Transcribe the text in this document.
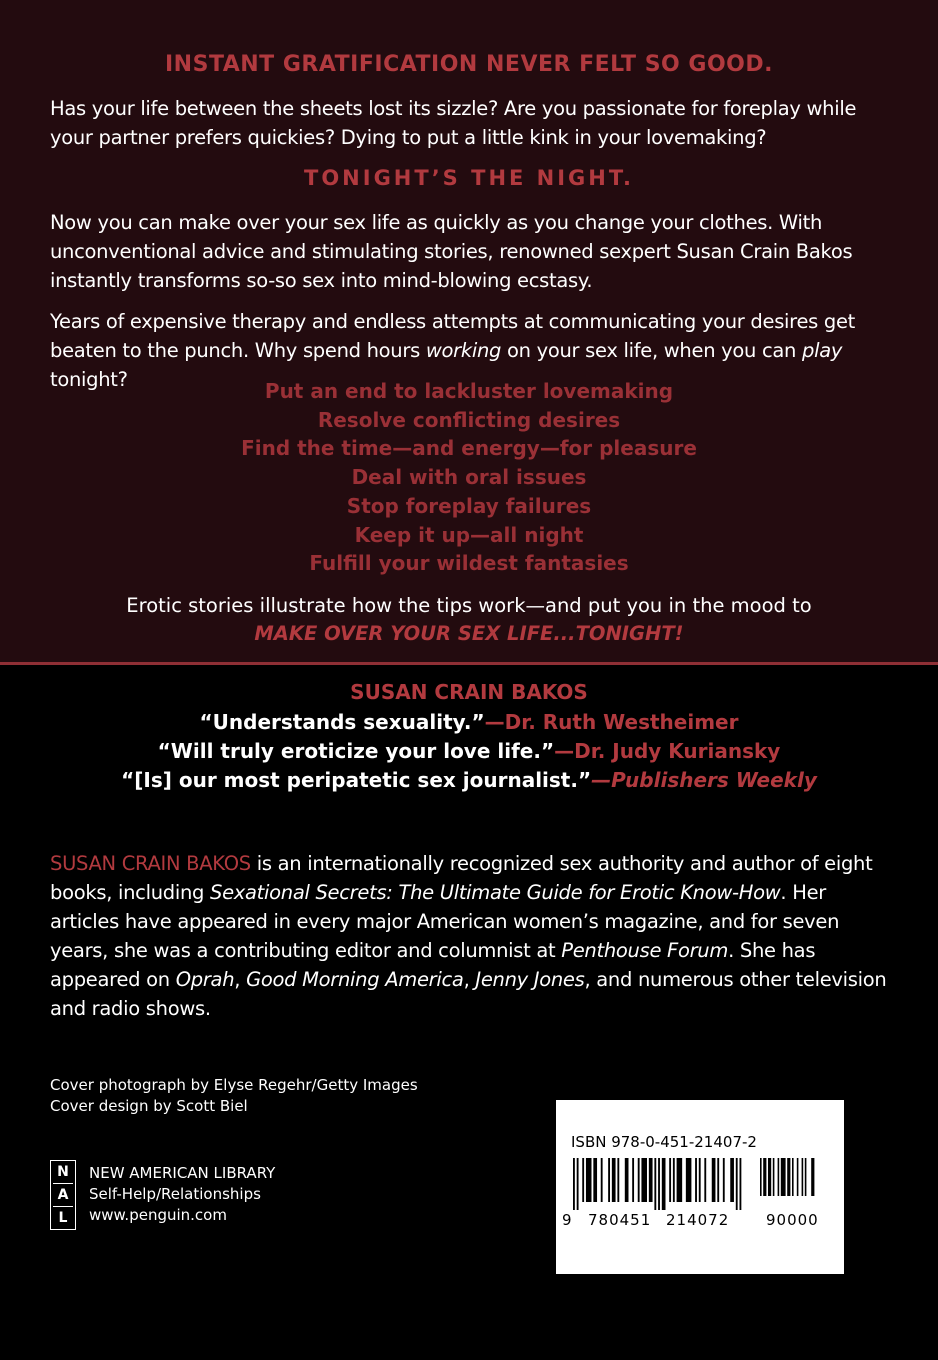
INSTANT GRATIFICATION NEVER FELT SO GOOD.
Has your life between the sheets lost its sizzle? Are you passionate for foreplay while your partner prefers quickies? Dying to put a little kink in your lovemaking?
TONIGHT’S THE NIGHT.
Now you can make over your sex life as quickly as you change your clothes. With unconventional advice and stimulating stories, renowned sexpert Susan Crain Bakos instantly transforms so-so sex into mind-blowing ecstasy.
Years of expensive therapy and endless attempts at communicating your desires get beaten to the punch. Why spend hours working on your sex life, when you can play tonight?	Put an end to lackluster lovemaking
Resolve conflicting desires
Find the time—and energy—for pleasure
Deal with oral issues
Stop foreplay failures
Keep it up—all night
Fulfill your wildest fantasies
Erotic stories illustrate how the tips work—and put you in the mood to
MAKE OVER YOUR SEX LIFE...TONIGHT!
SUSAN CRAIN BAKOS
“Understands sexuality.”—Dr. Ruth Westheimer
“Will truly eroticize your love life.”—Dr. Judy Kuriansky
“[Is] our most peripatetic sex journalist.”—Publishers Weekly
SUSAN CRAIN BAKOS is an internationally recognized sex authority and author of eight books, including Sexational Secrets: The Ultimate Guide for Erotic Know-How. Her articles have appeared in every major American women’s magazine, and for seven years, she was a contributing editor and columnist at Penthouse Forum. She has appeared on Oprah, Good Morning America, Jenny Jones, and numerous other television and radio shows.
Cover photograph by Elyse Regehr/Getty Images
Cover design by Scott Biel
N
A
L
NEW AMERICAN LIBRARY
Self-Help/Relationships
www.penguin.com
ISBN 978-0-451-21407-2
9 780451 214072 90000
